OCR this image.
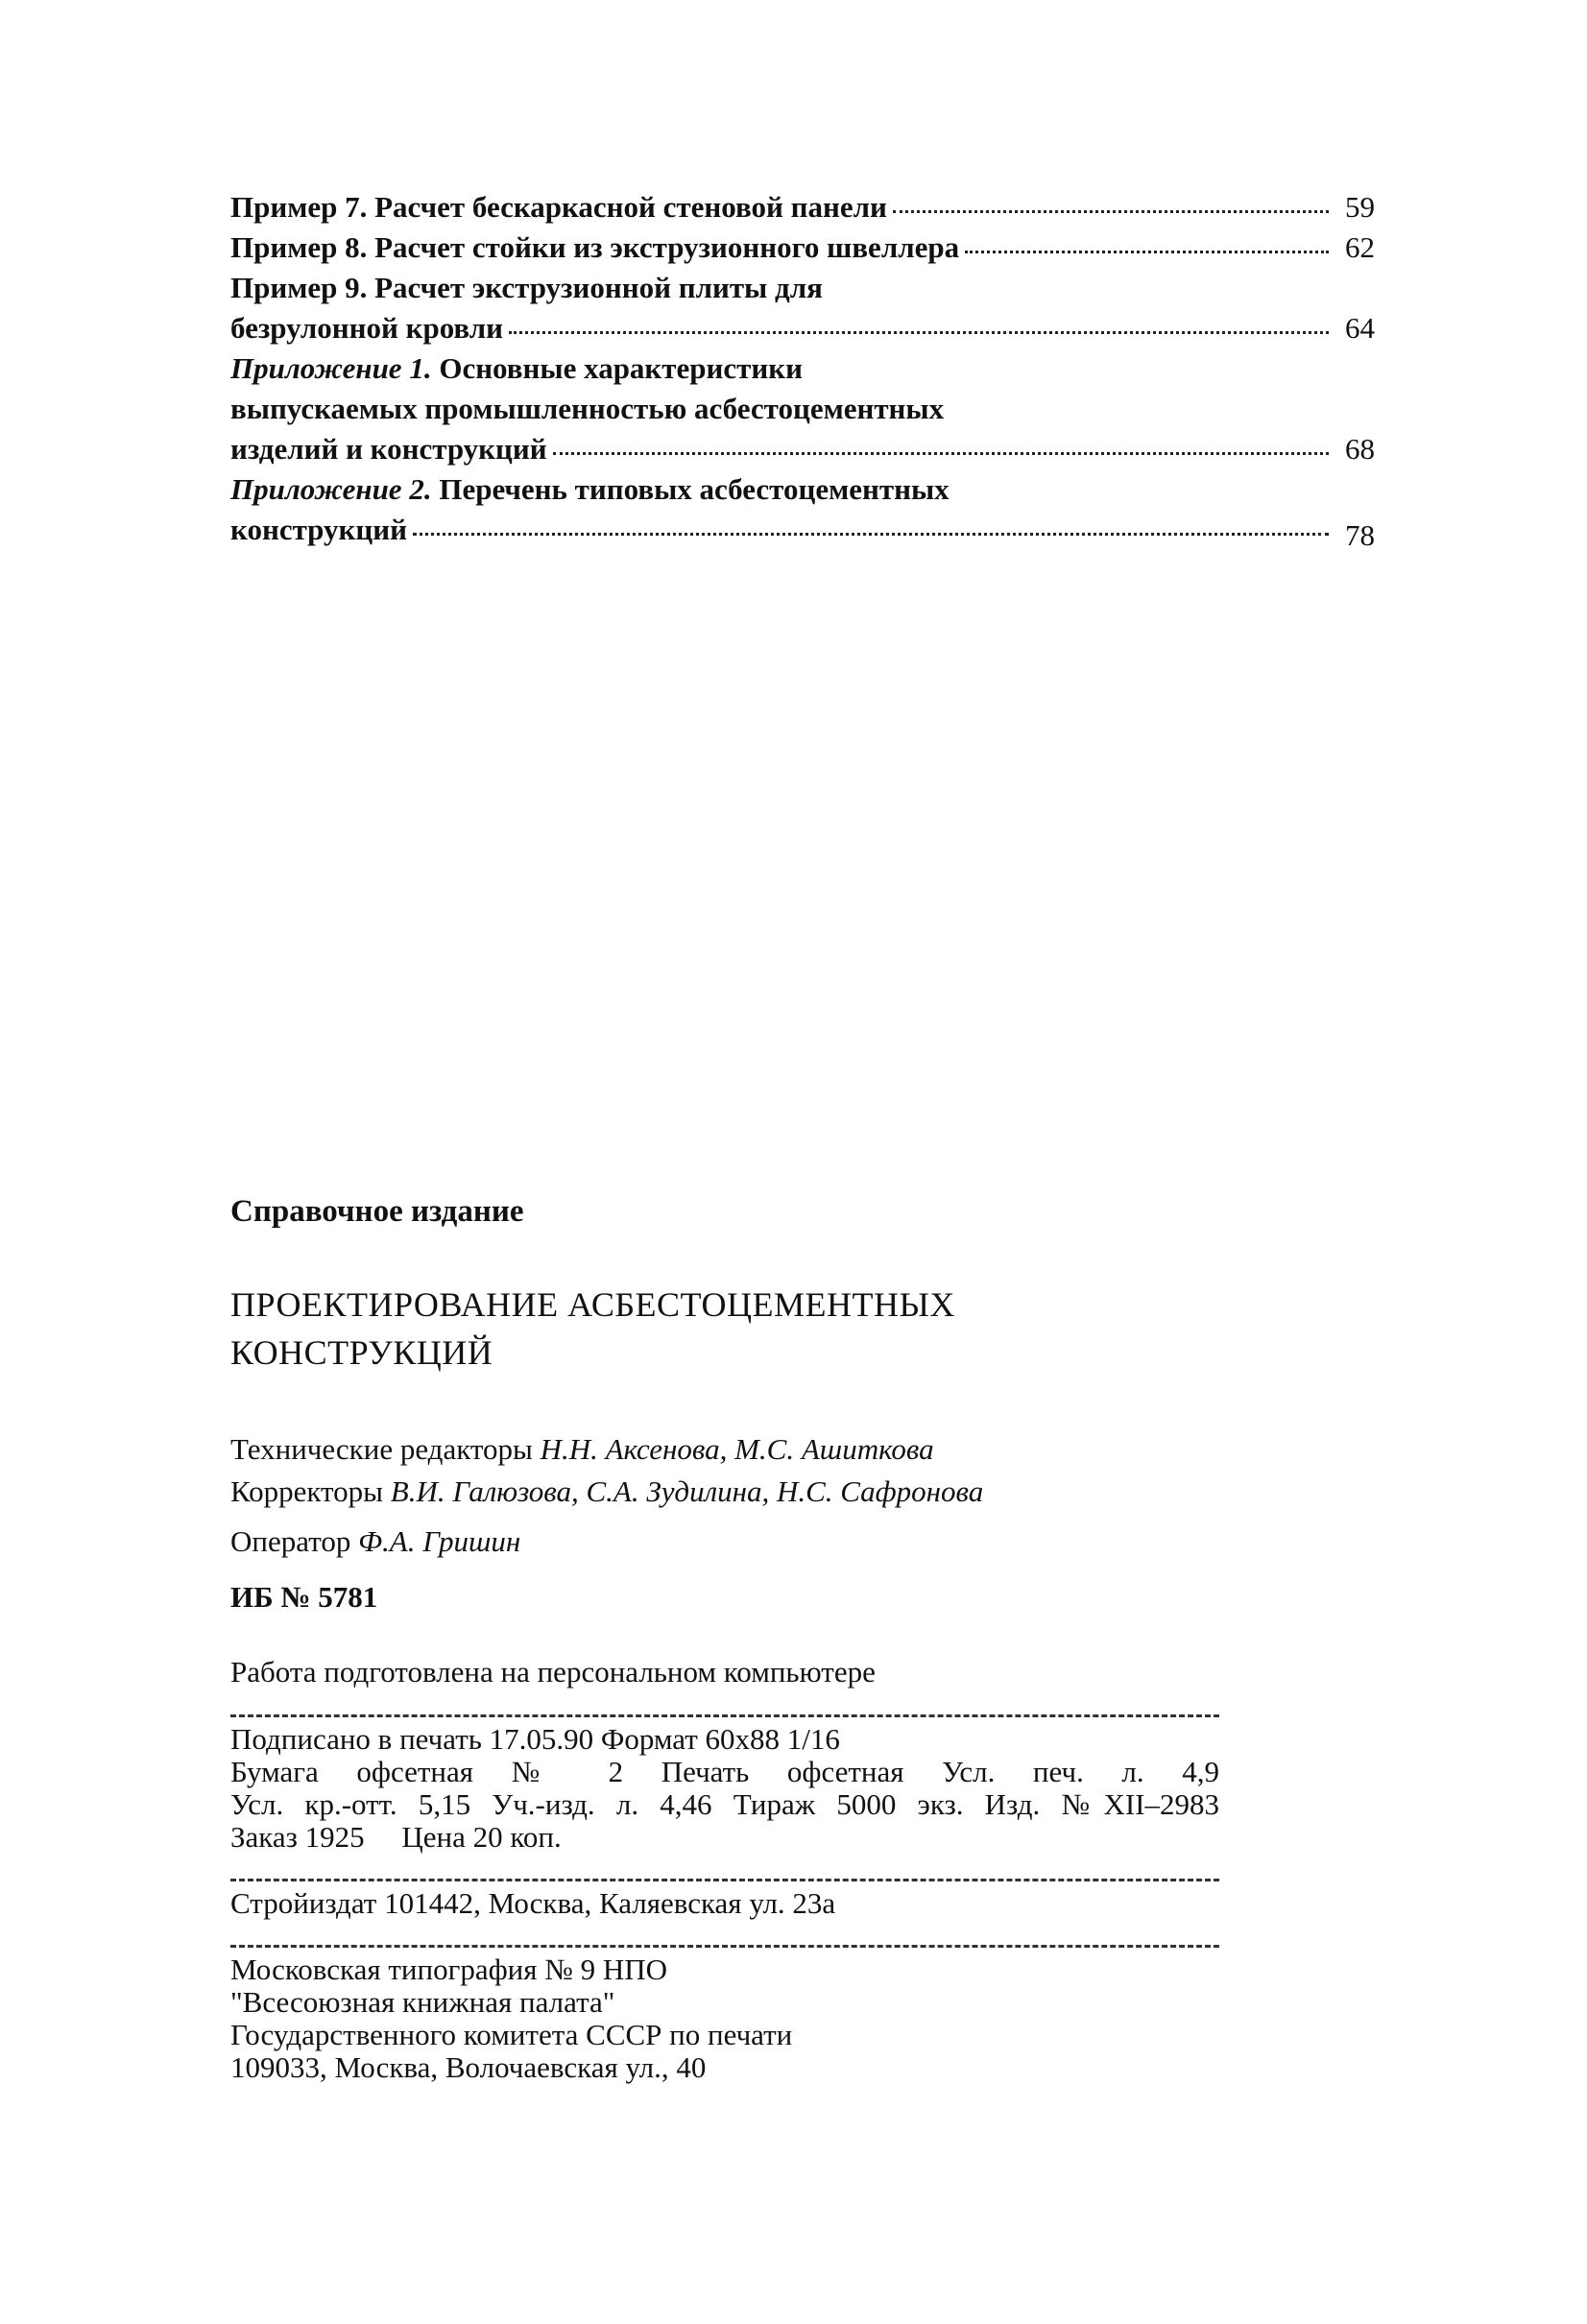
Пример 7. Расчет бескаркасной стеновой панели	59
Пример 8. Расчет стойки из экструзионного швеллера	62
Пример 9. Расчет экструзионной плиты для
безрулонной кровли	64
Приложение 1. Основные характеристики
выпускаемых промышленностью асбестоцементных
изделий и конструкций	68
Приложение 2. Перечень типовых асбестоцементных
конструкций	78
Справочное издание
ПРОЕКТИРОВАНИЕ АСБЕСТОЦЕМЕНТНЫХ
КОНСТРУКЦИЙ
Технические редакторы Н.Н. Аксенова, М.С. Ашиткова
Корректоры В.И. Галюзова, С.А. Зудилина, Н.С. Сафронова
Оператор Ф.А. Гришин
ИБ № 5781
Работа подготовлена на персональном компьютере
Подписано в печать 17.05.90 Формат 60x88 1/16
Бумага офсетная № 2 Печать офсетная Усл. печ. л. 4,9
Усл. кр.-отт. 5,15 Уч.-изд. л. 4,46 Тираж 5000 экз. Изд. №XII–2983
Заказ 1925 Цена 20 коп.
Стройиздат 101442, Москва, Каляевская ул. 23а
Московская типография № 9 НПО
"Всесоюзная книжная палата"
Государственного комитета СССР по печати
109033, Москва, Волочаевская ул., 40
